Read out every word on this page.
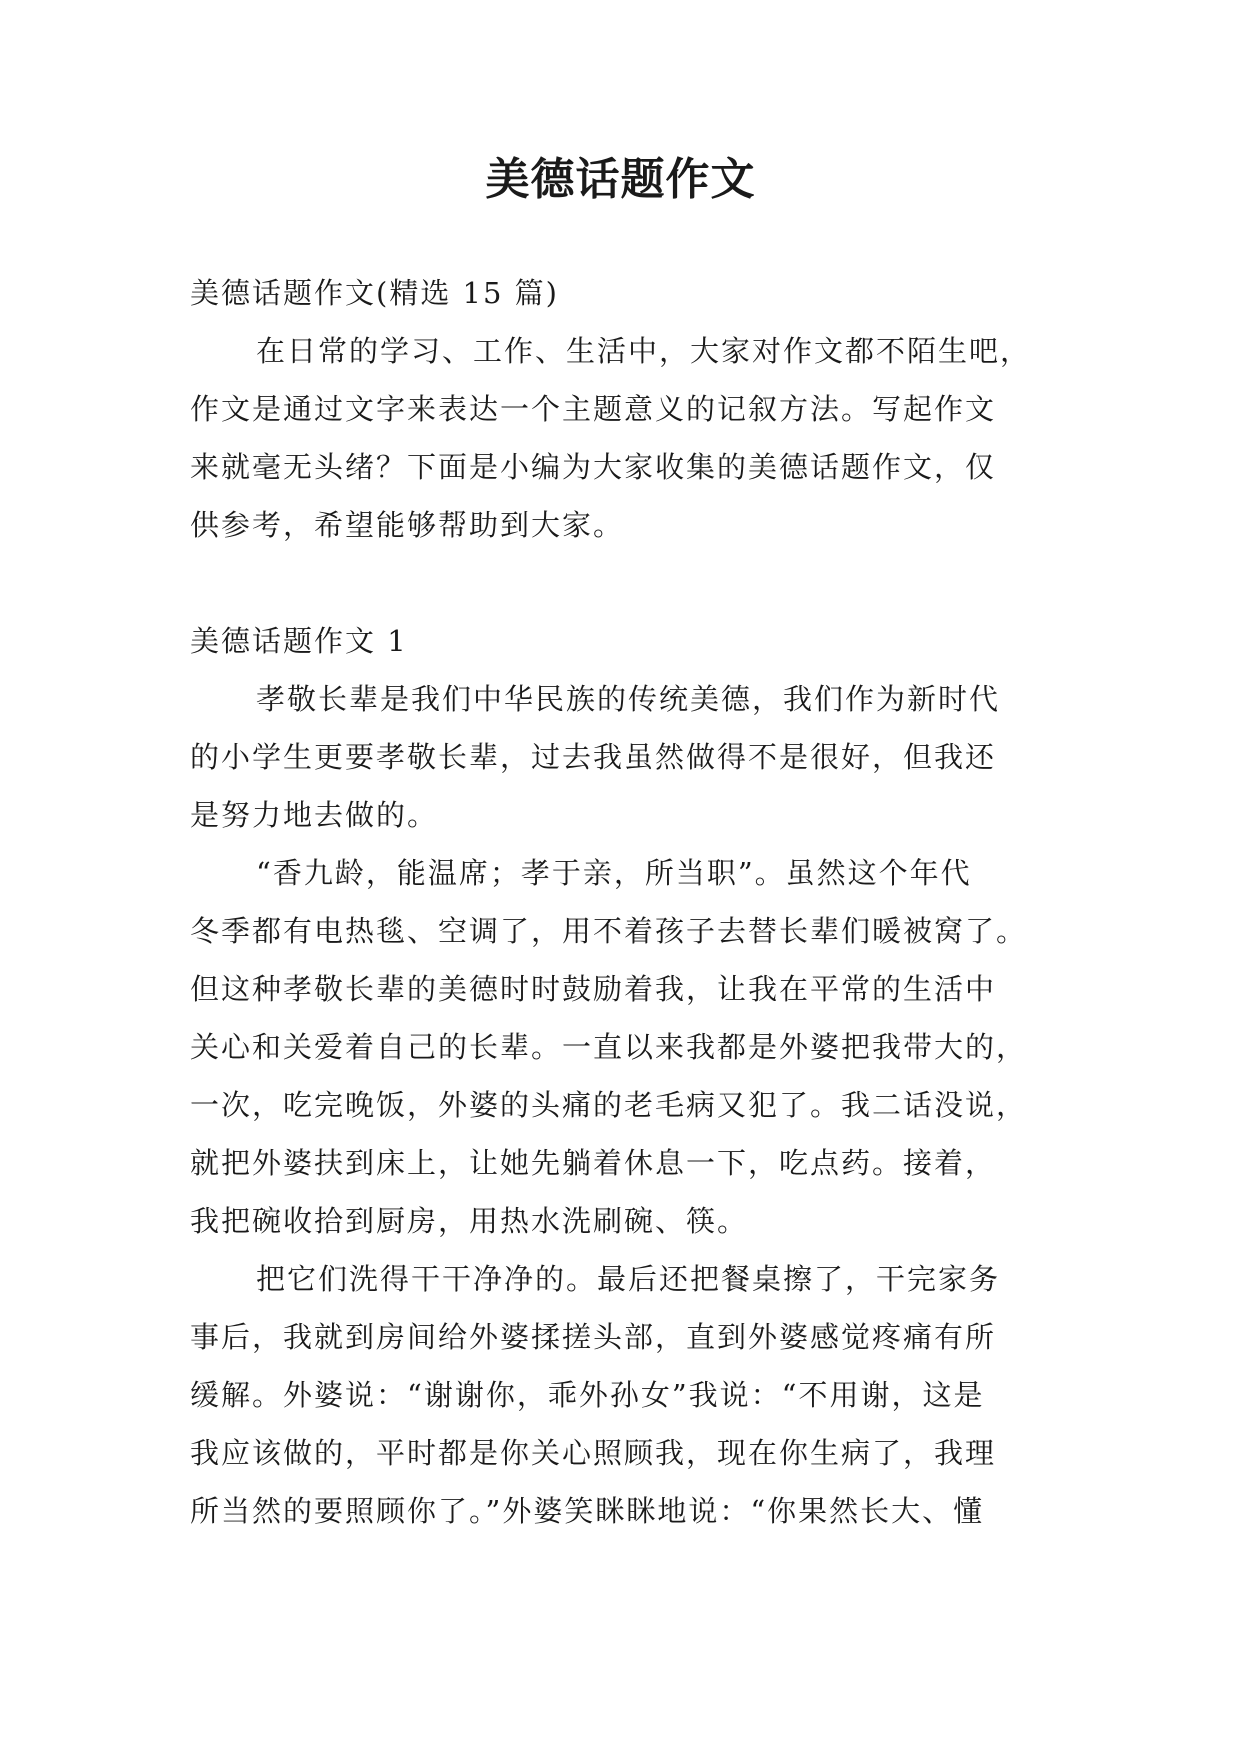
美德话题作文

美德话题作文(精选 15 篇)

在日常的学习、工作、生活中，大家对作文都不陌生吧，

作文是通过文字来表达一个主题意义的记叙方法。写起作文

来就毫无头绪？下面是小编为大家收集的美德话题作文，仅

供参考，希望能够帮助到大家。

美德话题作文 1

孝敬长辈是我们中华民族的传统美德，我们作为新时代

的小学生更要孝敬长辈，过去我虽然做得不是很好，但我还

是努力地去做的。

“香九龄，能温席；孝于亲，所当职”。虽然这个年代

冬季都有电热毯、空调了，用不着孩子去替长辈们暖被窝了。

但这种孝敬长辈的美德时时鼓励着我，让我在平常的生活中

关心和关爱着自己的长辈。一直以来我都是外婆把我带大的，

一次，吃完晚饭，外婆的头痛的老毛病又犯了。我二话没说，

就把外婆扶到床上，让她先躺着休息一下，吃点药。接着，

我把碗收拾到厨房，用热水洗刷碗、筷。

把它们洗得干干净净的。最后还把餐桌擦了，干完家务

事后，我就到房间给外婆揉搓头部，直到外婆感觉疼痛有所

缓解。外婆说：“谢谢你，乖外孙女”我说：“不用谢，这是

我应该做的，平时都是你关心照顾我，现在你生病了，我理

所当然的要照顾你了。”外婆笑眯眯地说：“你果然长大、懂
